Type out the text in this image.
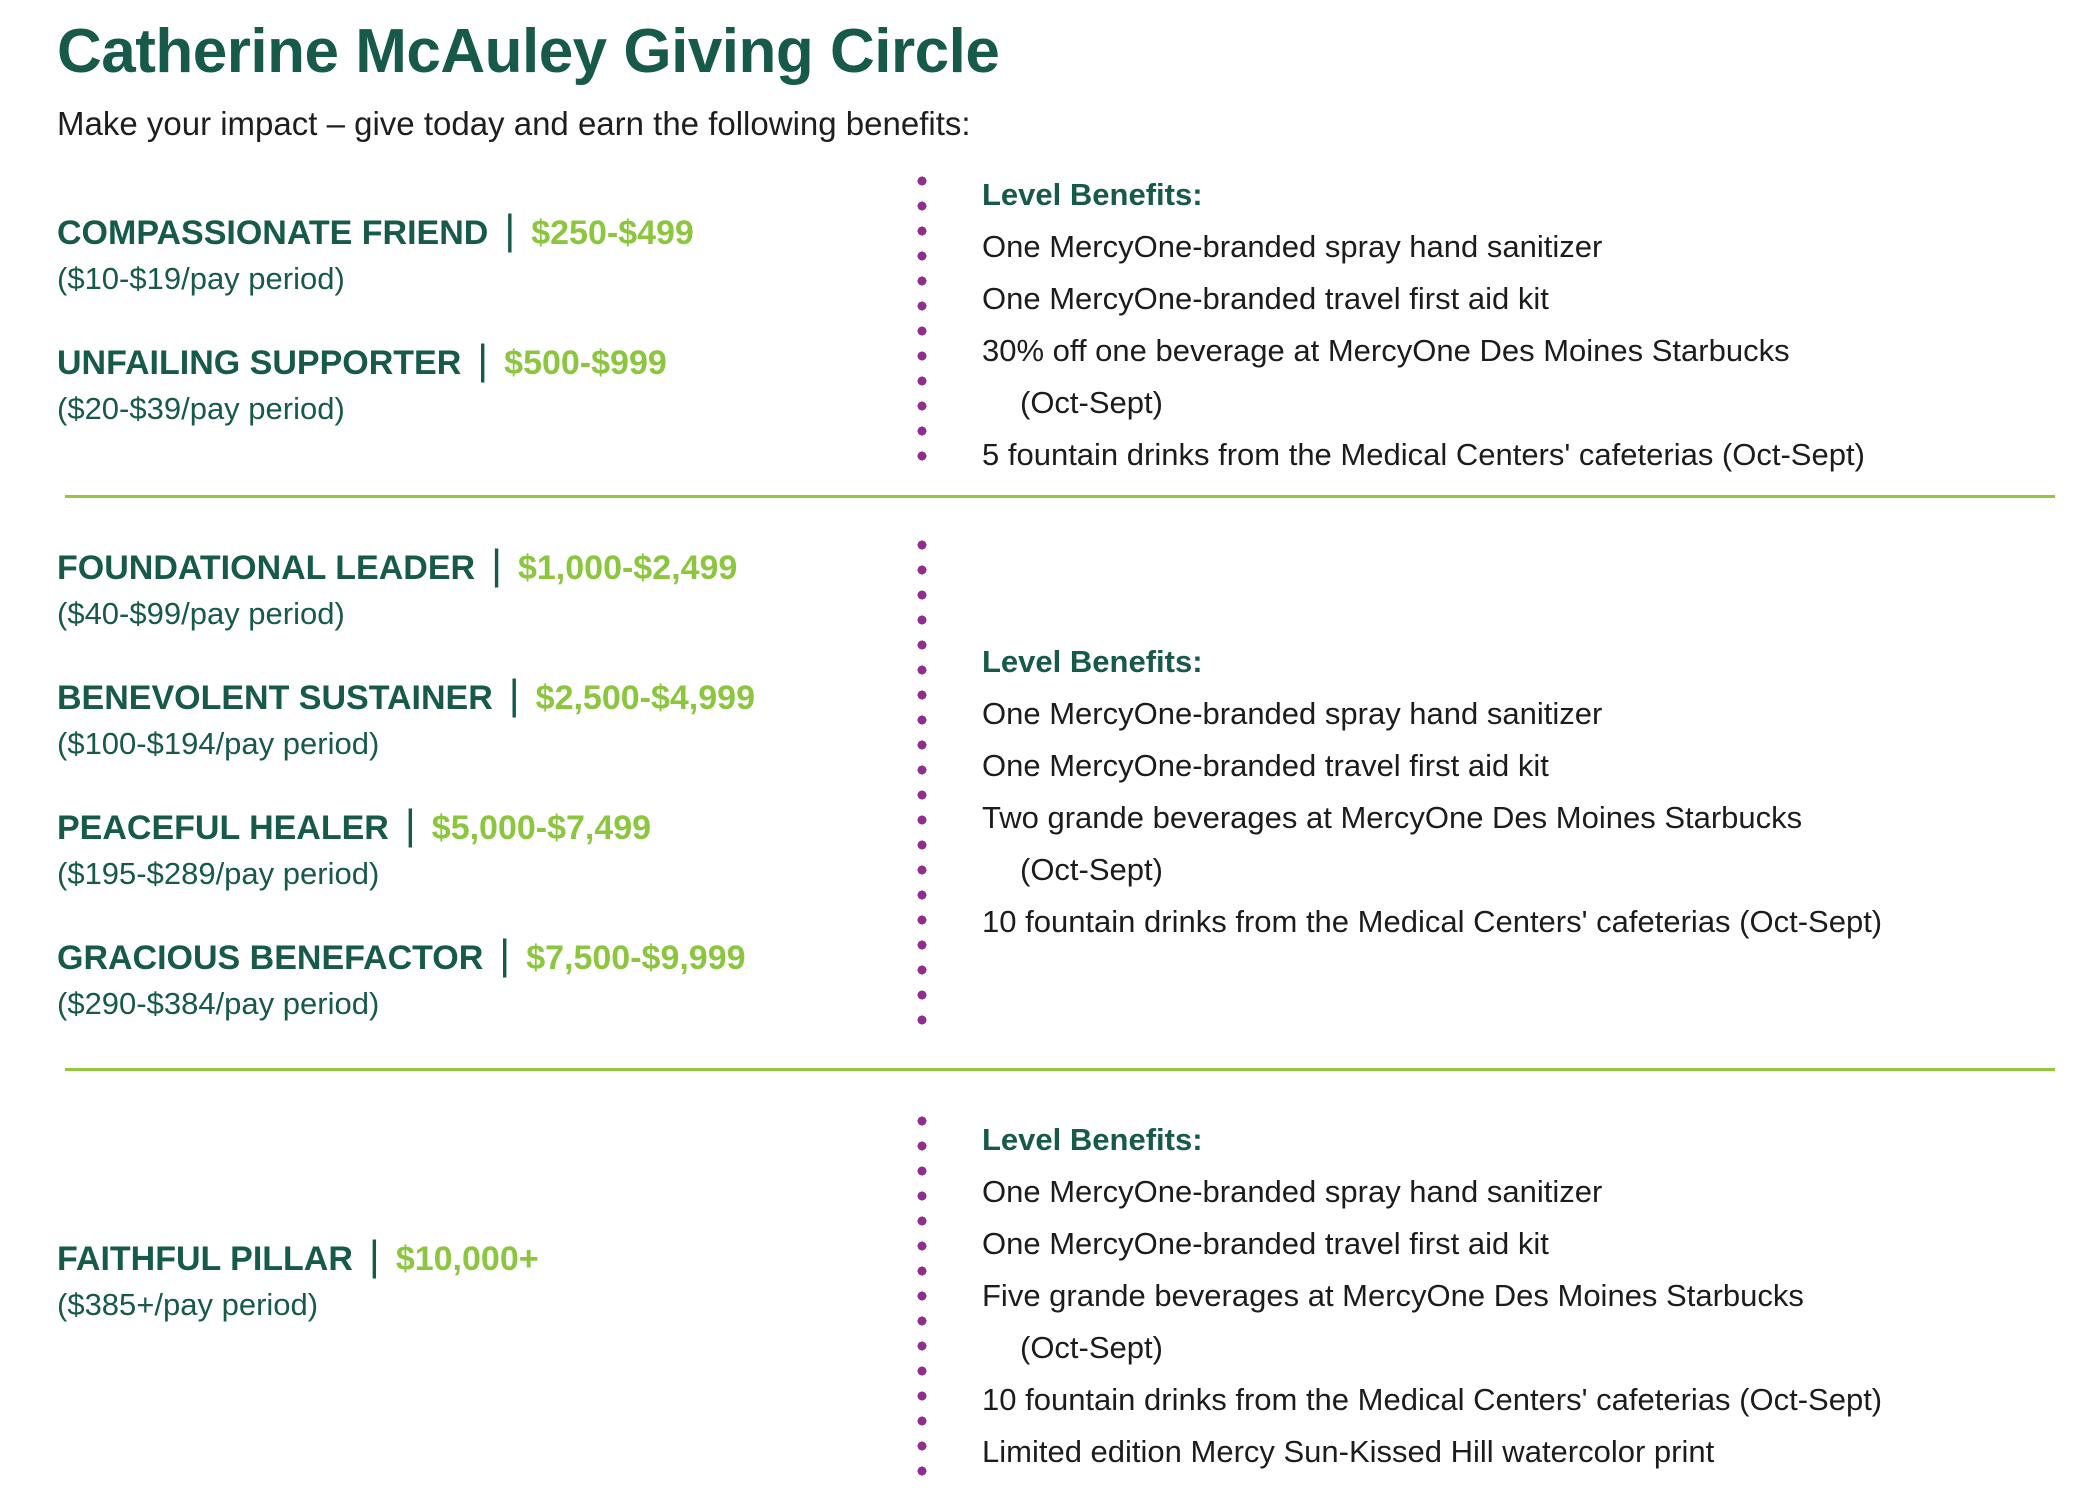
Catherine McAuley Giving Circle

Make your impact – give today and earn the following benefits:

COMPASSIONATE FRIEND | $250-$499
($10-$19/pay period)
UNFAILING SUPPORTER | $500-$999
($20-$39/pay period)
Level Benefits:

One MercyOne-branded spray hand sanitizer

One MercyOne-branded travel first aid kit

30% off one beverage at MercyOne Des Moines Starbucks

(Oct-Sept)

5 fountain drinks from the Medical Centers' cafeterias (Oct-Sept)

FOUNDATIONAL LEADER | $1,000-$2,499
($40-$99/pay period)
BENEVOLENT SUSTAINER | $2,500-$4,999
($100-$194/pay period)
PEACEFUL HEALER | $5,000-$7,499
($195-$289/pay period)
GRACIOUS BENEFACTOR | $7,500-$9,999
($290-$384/pay period)
Level Benefits:

One MercyOne-branded spray hand sanitizer

One MercyOne-branded travel first aid kit

Two grande beverages at MercyOne Des Moines Starbucks

(Oct-Sept)

10 fountain drinks from the Medical Centers' cafeterias (Oct-Sept)

FAITHFUL PILLAR | $10,000+
($385+/pay period)
Level Benefits:

One MercyOne-branded spray hand sanitizer

One MercyOne-branded travel first aid kit

Five grande beverages at MercyOne Des Moines Starbucks

(Oct-Sept)

10 fountain drinks from the Medical Centers' cafeterias (Oct-Sept)

Limited edition Mercy Sun-Kissed Hill watercolor print
